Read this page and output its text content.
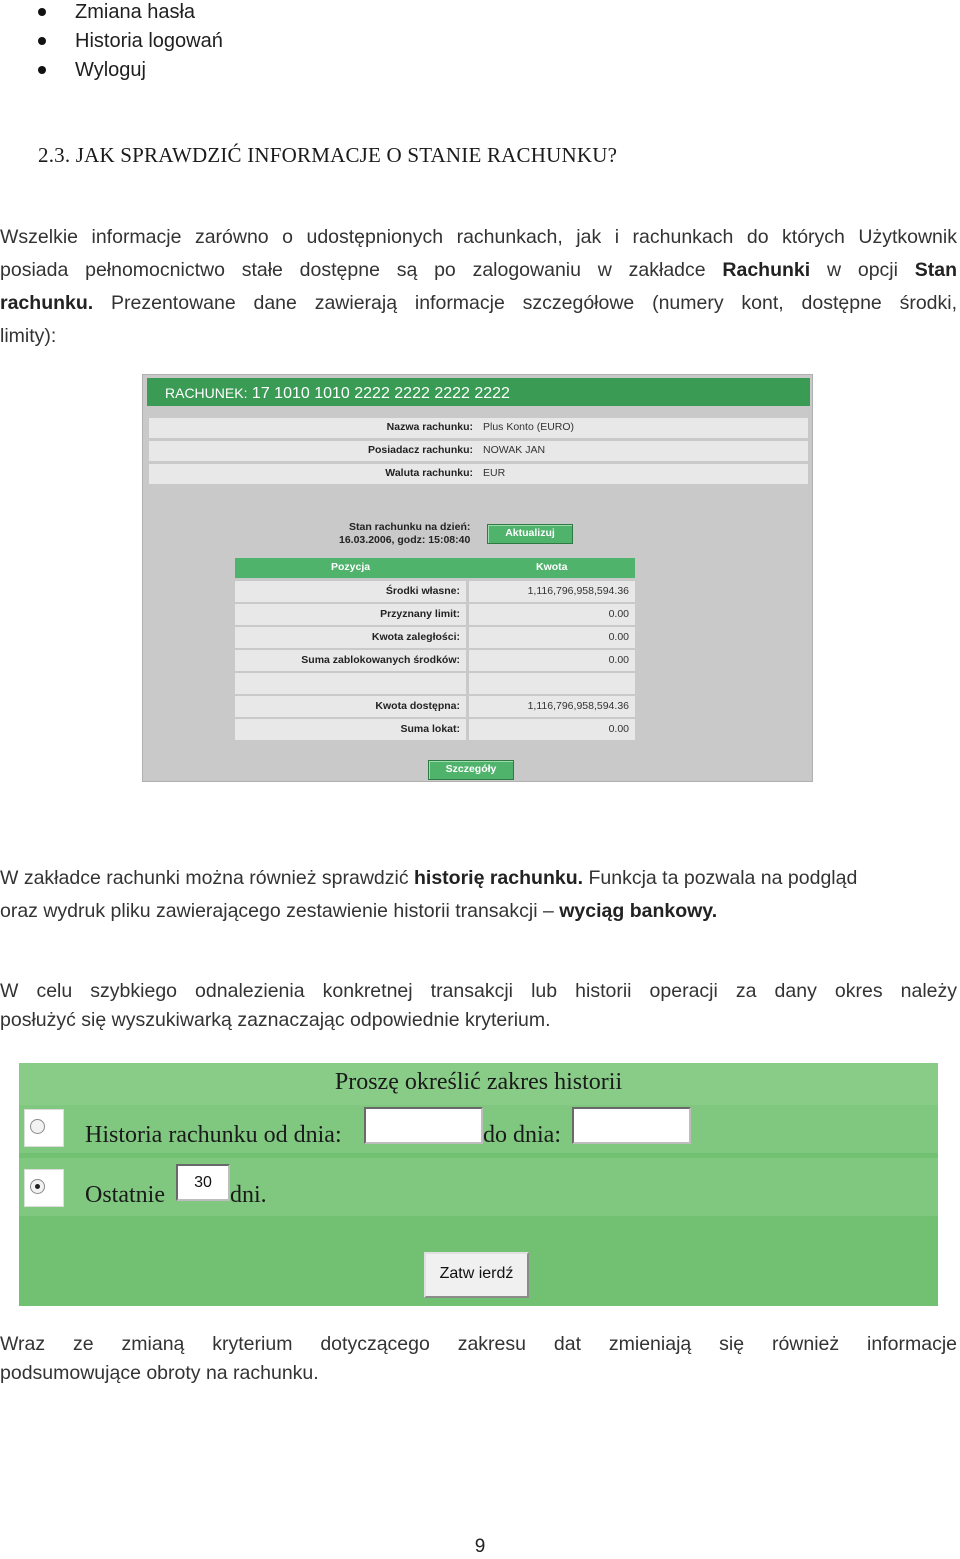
Zmiana hasła
Historia logowań
Wyloguj
2.3. JAK SPRAWDZIĆ INFORMACJE O STANIE RACHUNKU?
Wszelkie informacje zarówno o udostępnionych rachunkach, jak i rachunkach do których Użytkownik
posiada pełnomocnictwo stałe dostępne są po zalogowaniu w zakładce Rachunki w opcji Stan
rachunku. Prezentowane dane zawierają informacje szczegółowe (numery kont, dostępne środki,
limity):
RACHUNEK: 17 1010 1010 2222 2222 2222 2222
Nazwa rachunku: Plus Konto (EURO)
Posiadacz rachunku: NOWAK JAN
Waluta rachunku: EUR
Stan rachunku na dzień:
16.03.2006, godz: 15:08:40
Aktualizuj
Pozycja	Kwota
Środki własne:	1,116,796,958,594.36
Przyznany limit:	0.00
Kwota zaległości:	0.00
Suma zablokowanych środków:	0.00
Kwota dostępna:	1,116,796,958,594.36
Suma lokat:	0.00
Szczegóły
W zakładce rachunki można również sprawdzić historię rachunku. Funkcja ta pozwala na podgląd
oraz wydruk pliku zawierającego zestawienie historii transakcji – wyciąg bankowy.
W celu szybkiego odnalezienia konkretnej transakcji lub historii operacji za dany okres należy
posłużyć się wyszukiwarką zaznaczając odpowiednie kryterium.
Proszę określić zakres historii
Historia rachunku od dnia:	do dnia:
Ostatnie	30 dni.
Zatw ierdź
Wraz ze zmianą kryterium dotyczącego zakresu dat zmieniają się również informacje
podsumowujące obroty na rachunku.
9
